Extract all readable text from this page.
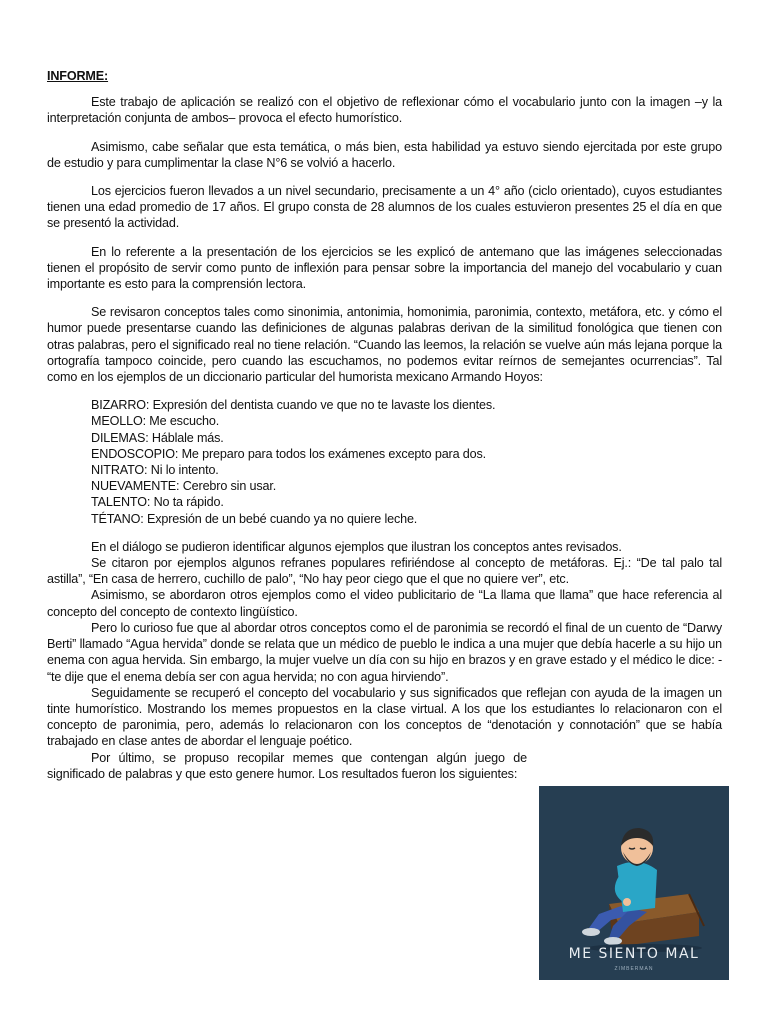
INFORME:

Este trabajo de aplicación se realizó con el objetivo de reflexionar cómo el vocabulario junto con la imagen –y la interpretación conjunta de ambos– provoca el efecto humorístico.

Asimismo, cabe señalar que esta temática, o más bien, esta habilidad ya estuvo siendo ejercitada por este grupo de estudio y para cumplimentar la clase N°6 se volvió a hacerlo.

Los ejercicios fueron llevados a un nivel secundario, precisamente a un 4° año (ciclo orientado), cuyos estudiantes tienen una edad promedio de 17 años. El grupo consta de 28 alumnos de los cuales estuvieron presentes 25 el día en que se presentó la actividad.

En lo referente a la presentación de los ejercicios se les explicó de antemano que las imágenes seleccionadas tienen el propósito de servir como punto de inflexión para pensar sobre la importancia del manejo del vocabulario y cuan importante es esto para la comprensión lectora.

Se revisaron conceptos tales como sinonimia, antonimia, homonimia, paronimia, contexto, metáfora, etc. y cómo el humor puede presentarse cuando las definiciones de algunas palabras derivan de la similitud fonológica que tienen con otras palabras, pero el significado real no tiene relación. “Cuando las leemos, la relación se vuelve aún más lejana porque la ortografía tampoco coincide, pero cuando las escuchamos, no podemos evitar reírnos de semejantes ocurrencias”. Tal como en los ejemplos de un diccionario particular del humorista mexicano Armando Hoyos:

BIZARRO: Expresión del dentista cuando ve que no te lavaste los dientes.
MEOLLO: Me escucho.
DILEMAS: Háblale más.
ENDOSCOPIO: Me preparo para todos los exámenes excepto para dos.
NITRATO: Ni lo intento.
NUEVAMENTE: Cerebro sin usar.
TALENTO: No ta rápido.
TÉTANO: Expresión de un bebé cuando ya no quiere leche.

En el diálogo se pudieron identificar algunos ejemplos que ilustran los conceptos antes revisados.

Se citaron por ejemplos algunos refranes populares refiriéndose al concepto de metáforas. Ej.: “De tal palo tal astilla”, “En casa de herrero, cuchillo de palo”, “No hay peor ciego que el que no quiere ver”, etc.

Asimismo, se abordaron otros ejemplos como el video publicitario de “La llama que llama” que hace referencia al concepto del concepto de contexto lingüístico.

Pero lo curioso fue que al abordar otros conceptos como el de paronimia se recordó el final de un cuento de “Darwy Berti” llamado “Agua hervida” donde se relata que un médico de pueblo le indica a una mujer que debía hacerle a su hijo un enema con agua hervida. Sin embargo, la mujer vuelve un día con su hijo en brazos y en grave estado y el médico le dice: - “te dije que el enema debía ser con agua hervida; no con agua hirviendo”.

Seguidamente se recuperó el concepto del vocabulario y sus significados que reflejan con ayuda de la imagen un tinte humorístico. Mostrando los memes propuestos en la clase virtual. A los que los estudiantes lo relacionaron con el concepto de paronimia, pero, además lo relacionaron con los conceptos de “denotación y connotación” que se había trabajado en clase antes de abordar el lenguaje poético.

Por último, se propuso recopilar memes que contengan algún juego de significado de palabras y que esto genere humor. Los resultados fueron los siguientes:

ME SIENTO MAL
ZIMBERMAN
